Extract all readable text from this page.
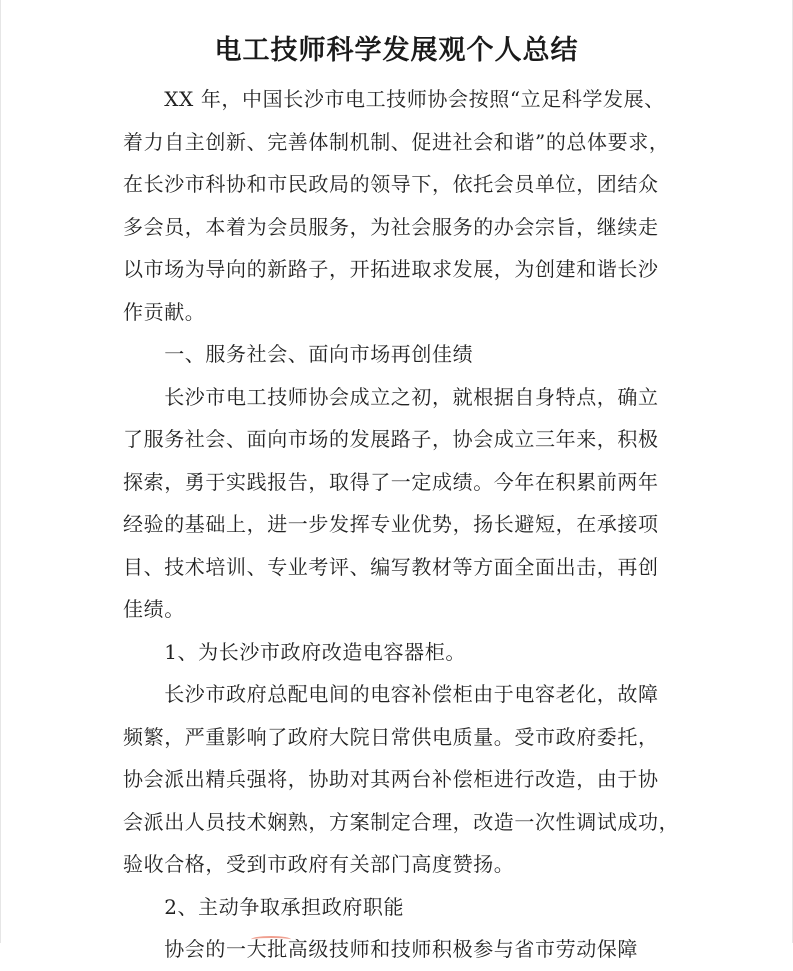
电工技师科学发展观个人总结
　　XX 年，中国长沙市电工技师协会按照“立足科学发展、
着力自主创新、完善体制机制、促进社会和谐”的总体要求，
在长沙市科协和市民政局的领导下，依托会员单位，团结众
多会员，本着为会员服务，为社会服务的办会宗旨，继续走
以市场为导向的新路子，开拓进取求发展，为创建和谐长沙
作贡献。
　　一、服务社会、面向市场再创佳绩
　　长沙市电工技师协会成立之初，就根据自身特点，确立
了服务社会、面向市场的发展路子，协会成立三年来，积极
探索，勇于实践报告，取得了一定成绩。今年在积累前两年
经验的基础上，进一步发挥专业优势，扬长避短，在承接项
目、技术培训、专业考评、编写教材等方面全面出击，再创
佳绩。
　　1、为长沙市政府改造电容器柜。
　　长沙市政府总配电间的电容补偿柜由于电容老化，故障
频繁，严重影响了政府大院日常供电质量。受市政府委托，
协会派出精兵强将，协助对其两台补偿柜进行改造，由于协
会派出人员技术娴熟，方案制定合理，改造一次性调试成功，
验收合格，受到市政府有关部门高度赞扬。
　　2、主动争取承担政府职能
　　协会的一大批高级技师和技师积极参与省市劳动保障
